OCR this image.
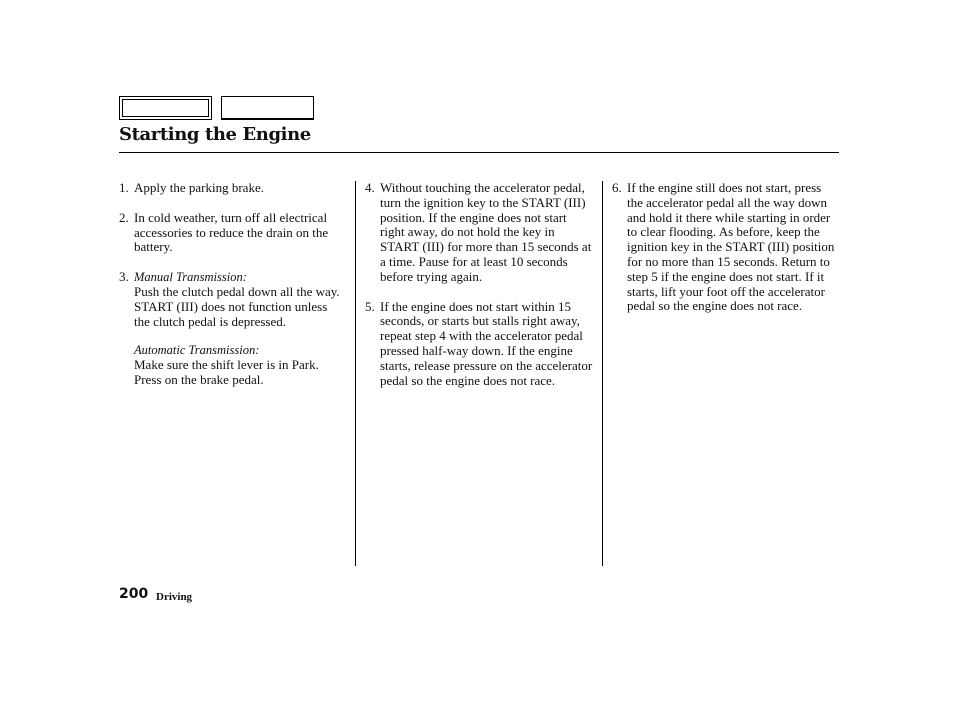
Starting the Engine
1. Apply the parking brake.
2. In cold weather, turn off all electrical accessories to reduce the drain on the battery.
3. Manual Transmission:
Push the clutch pedal down all the way. START (III) does not function unless the clutch pedal is depressed.
Automatic Transmission:
Make sure the shift lever is in Park. Press on the brake pedal.
4. Without touching the accelerator pedal, turn the ignition key to the START (III) position. If the engine does not start right away, do not hold the key in START (III) for more than 15 seconds at a time. Pause for at least 10 seconds before trying again.
5. If the engine does not start within 15 seconds, or starts but stalls right away, repeat step 4 with the accelerator pedal pressed half-way down. If the engine starts, release pressure on the accelerator pedal so the engine does not race.
6. If the engine still does not start, press the accelerator pedal all the way down and hold it there while starting in order to clear flooding. As before, keep the ignition key in the START (III) position for no more than 15 seconds. Return to step 5 if the engine does not start. If it starts, lift your foot off the accelerator pedal so the engine does not race.
200 Driving
